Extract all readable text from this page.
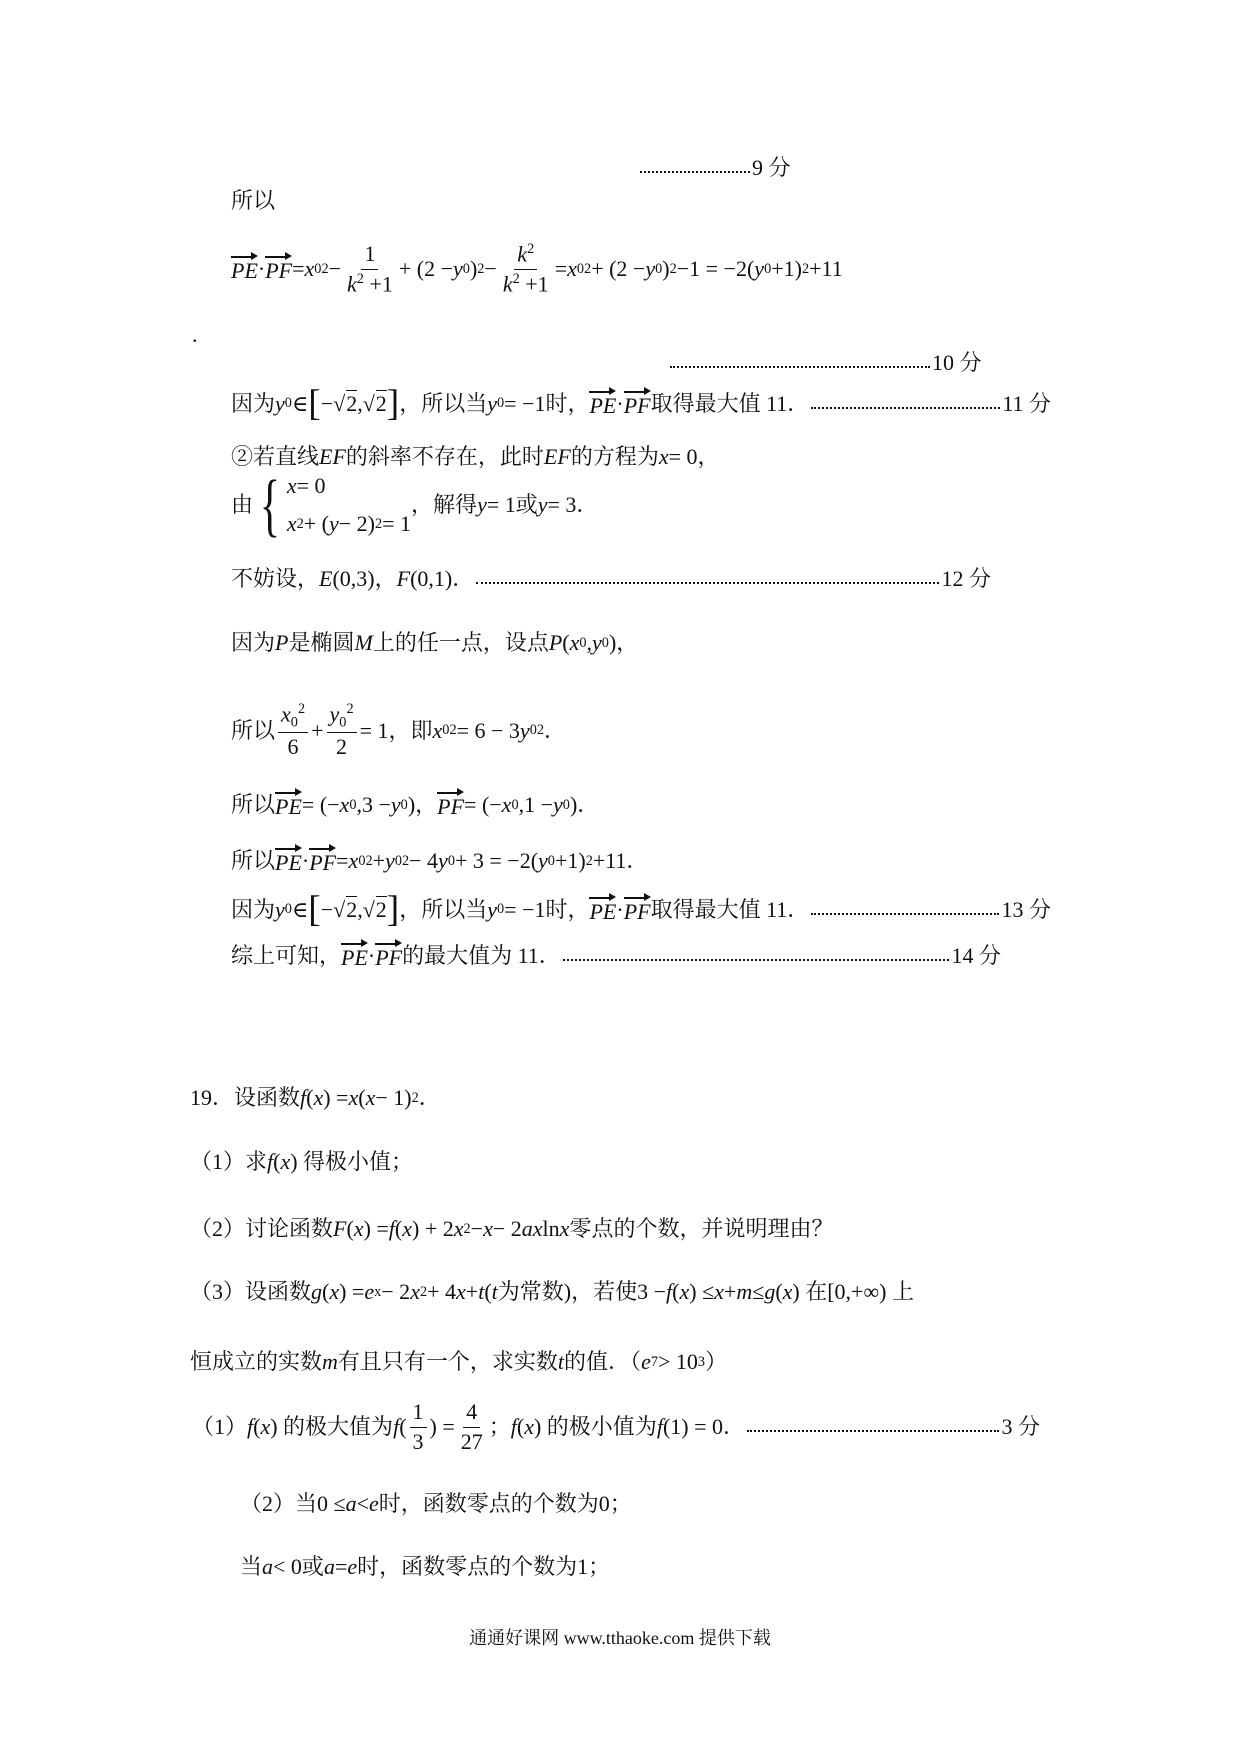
9 分
所以
PE · PF = x 0 $2 - \frac{1}{k^2 +1} + (2 - y$ 0 ) $2 - \frac{k^2}{k^2 +1} = x$ 0 2 + (2 − y 0 ) 2 −1 = −2( y 0 +1) 2 +11
.
10 分
因为 y 0 ∈ [ − √2 , √2 ] ，所以当 y 0 = −1时， PE · PF 取得最大值 11．	11 分
②若直线 EF 的斜率不存在，此时 EF 的方程为 x = 0，
由 { x = 0
x 2 + ( y − 2) 2 = 1
，解得 y = 1或 y = 3．
不妨设， E (0,3)， F (0,1)．	12 分
因为 P 是椭圆 M 上的任一点，设点 P ( x 0 , y 0 )，
所以 $\frac{x_0^2}{6} + \frac{y_0^2}{2} = 1$，即 x 0 2 = 6 − 3 y 0 2 ．
所以 PE = (− x 0 ,3 − y 0 )， PF = (− x 0 ,1 − y 0 )．
所以 PE · PF = x 0 2 + y 0 2 − 4 y 0 + 3 = −2( y 0 +1) 2 +11．
因为 y 0 ∈ [ − √2 , √2 ] ，所以当 y 0 = −1时， PE · PF 取得最大值 11．	13 分
综上可知， PE · PF 的最大值为 11．	14 分
19．设函数 f ( x ) = x ( x − 1) 2 ．
（1）求 f ( x ) 得极小值；
（2）讨论函数 F ( x ) = f ( x ) + 2 x 2 − x − 2 ax ln x 零点的个数，并说明理由？
（3）设函数 g ( x ) = e x − 2 x 2 + 4 x + t ( t 为常数)，若使3 − f ( x ) ≤ x + m ≤ g ( x ) 在[0,+∞) 上
恒成立的实数 m 有且只有一个，求实数 t 的值．（ e 7 > 10 3 ）
（1） f ( x ) 的极大值为 f ( $\frac{1}{3}$ ) = $\frac{4}{27}$ ； f ( x ) 的极小值为 f (1) = 0．	3 分
（2）当0 ≤ a < e 时，函数零点的个数为0；
当 a < 0或 a = e 时，函数零点的个数为1；
通通好课网 www.tthaoke.com 提供下载
